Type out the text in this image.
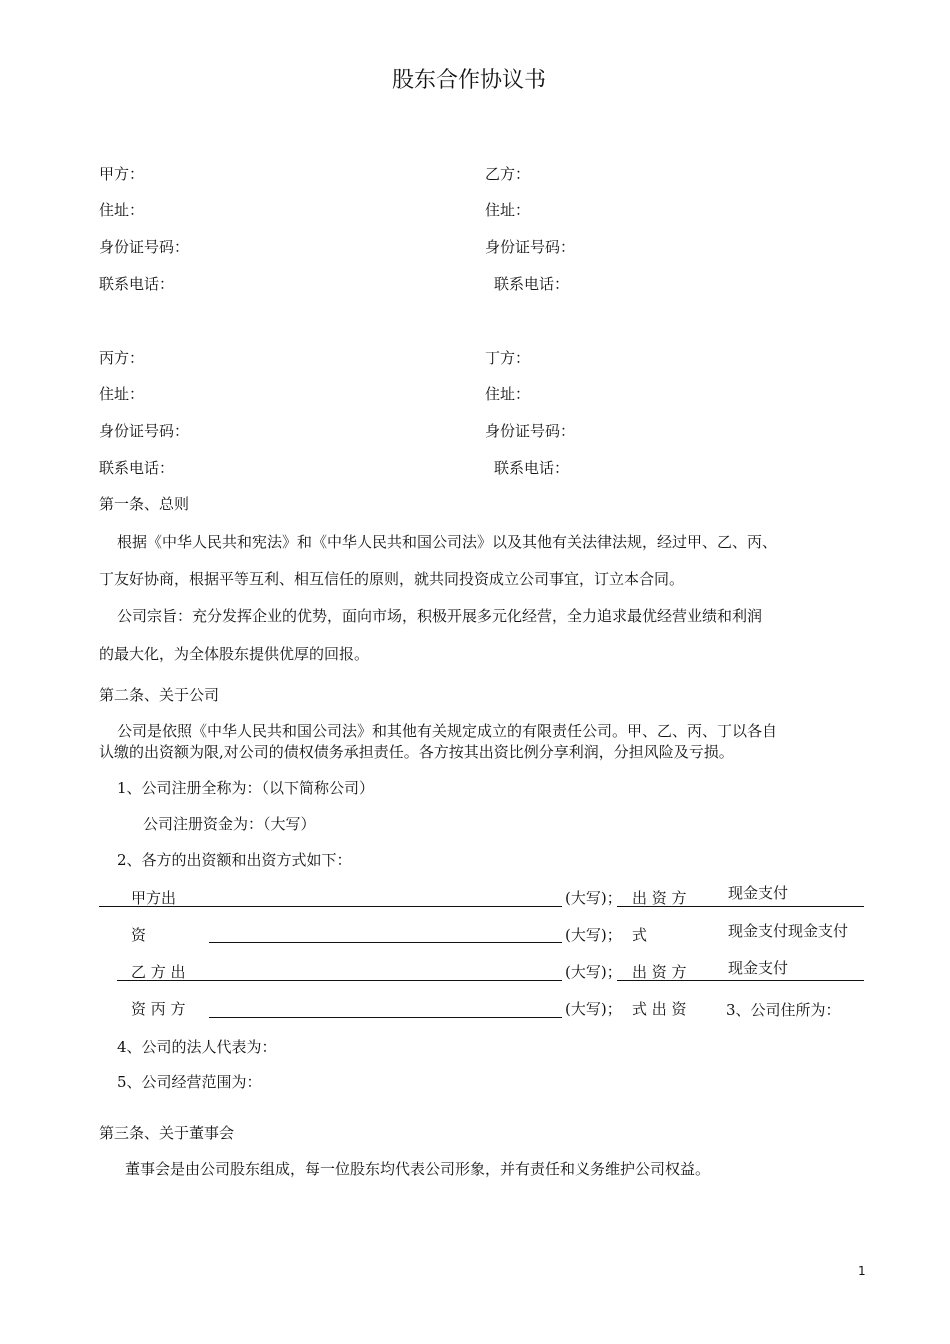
股东合作协议书
甲方：
住址：
身份证号码：
联系电话：
乙方：
住址：
身份证号码：
联系电话：
丙方：
住址：
身份证号码：
联系电话：
丁方：
住址：
身份证号码：
联系电话：
第一条、总则
根据《中华人民共和宪法》和《中华人民共和国公司法》以及其他有关法律法规，经过甲、乙、丙、
丁友好协商，根据平等互利、相互信任的原则，就共同投资成立公司事宜，订立本合同。
公司宗旨：充分发挥企业的优势，面向市场，积极开展多元化经营，全力追求最优经营业绩和利润
的最大化，为全体股东提供优厚的回报。
第二条、关于公司
公司是依照《中华人民共和国公司法》和其他有关规定成立的有限责任公司。甲、乙、丙、丁以各自
认缴的出资额为限,对公司的债权债务承担责任。各方按其出资比例分享利润，分担风险及亏损。
1、公司注册全称为：（以下简称公司）
公司注册资金为：（大写）
2、各方的出资额和出资方式如下：
甲方出	(大写)； 出 资 方	现金支付
资	(大写)； 式	现金支付现金支付
乙 方 出	(大写)； 出 资 方	现金支付
资 丙 方	(大写)； 式 出 资	3、公司住所为：
4、公司的法人代表为：
5、公司经营范围为：
第三条、关于董事会
董事会是由公司股东组成，每一位股东均代表公司形象，并有责任和义务维护公司权益。
1
